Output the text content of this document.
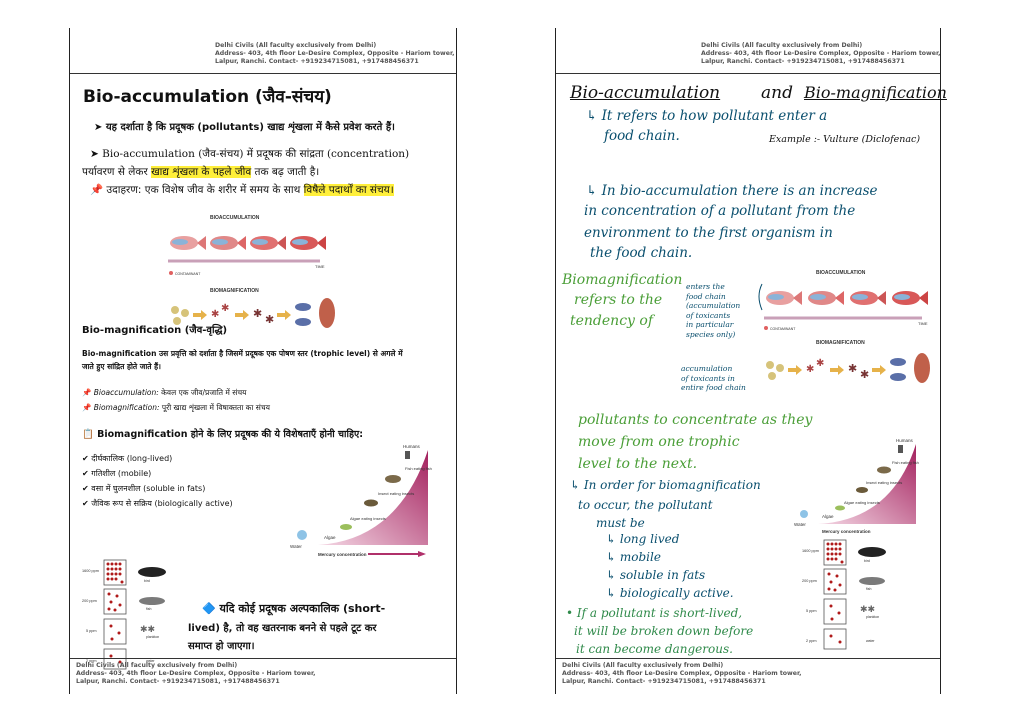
Delhi Civils (All faculty exclusively from Delhi)
Address- 403, 4th floor Le-Desire Complex, Opposite - Hariom tower,
Lalpur, Ranchi. Contact- +919234715081, +917488456371
Bio-accumulation (जैव-संचय)
➤ यह दर्शाता है कि प्रदूषक (pollutants) खाद्य शृंखला में कैसे प्रवेश करते हैं।
➤ Bio-accumulation (जैव-संचय) में प्रदूषक की सांद्रता (concentration)
पर्यावरण से लेकर खाद्य शृंखला के पहले जीव तक बढ़ जाती है।
📌 उदाहरण: एक विशेष जीव के शरीर में समय के साथ विषैले पदार्थों का संचय।
BIOACCUMULATION
TIME
CONTAMINANT
BIOMAGNIFICATION
✱
✱ ✱ ✱
Bio-magnification (जैव-वृद्धि)
Bio-magnification उस प्रवृत्ति को दर्शाता है जिसमें प्रदूषक एक पोषण स्तर (trophic level) से अगले में
जाते हुए सांद्रित होते जाते हैं।
📌 Bioaccumulation: केवल एक जीव/प्रजाति में संचय
📌 Biomagnification: पूरी खाद्य शृंखला में विषाक्तता का संचय
📋 Biomagnification होने के लिए प्रदूषक की ये विशेषताएँ होनी चाहिए:
✔ दीर्घकालिक (long-lived)
✔ गतिशील (mobile)
✔ वसा में घुलनशील (soluble in fats)
✔ जैविक रूप से सक्रिय (biologically active)
Humans
Fish eating fish
Insect eating insects
Algae eating insects
Algae
Water
Mercury concentration
1600 ppm
bird
200 ppm
fish
5 ppm	✱✱
plankton
2 ppm	water
🔷 यदि कोई प्रदूषक अल्पकालिक (short-
lived) है, तो वह खतरनाक बनने से पहले टूट कर
समाप्त हो जाएगा।
Delhi Civils (All faculty exclusively from Delhi)
Address- 403, 4th floor Le-Desire Complex, Opposite - Hariom tower,
Lalpur, Ranchi. Contact- +919234715081, +917488456371
Delhi Civils (All faculty exclusively from Delhi)
Address- 403, 4th floor Le-Desire Complex, Opposite - Hariom tower,
Lalpur, Ranchi. Contact- +919234715081, +917488456371
Bio-accumulation and Bio-magnification
↳ It refers to how pollutant enter a
food chain.	Example :- Vulture (Diclofenac)
↳ In bio-accumulation there is an increase
in concentration of a pollutant from the
environment to the first organism in
the food chain.
Biomagnification
refers to the
tendency of
enters the
food chain
(accumulation
of toxicants
in particular
species only)
accumulation
of toxicants in
entire food chain
BIOACCUMULATION
TIME
CONTAMINANT
BIOMAGNIFICATION
✱
✱ ✱ ✱
pollutants to concentrate as they
move from one trophic
level to the next.
↳ In order for biomagnification
to occur, the pollutant
must be
↳ long lived
↳ mobile
↳ soluble in fats
↳ biologically active.
Humans
Fish eating fish
Insect eating insects
Algae eating insects
Algae
Water
Mercury concentration
1600 ppm
bird
200 ppm
fish
5 ppm	✱✱
plankton
2 ppm	water
• If a pollutant is short-lived,
it will be broken down before
it can become dangerous.
Delhi Civils (All faculty exclusively from Delhi)
Address- 403, 4th floor Le-Desire Complex, Opposite - Hariom tower,
Lalpur, Ranchi. Contact- +919234715081, +917488456371
